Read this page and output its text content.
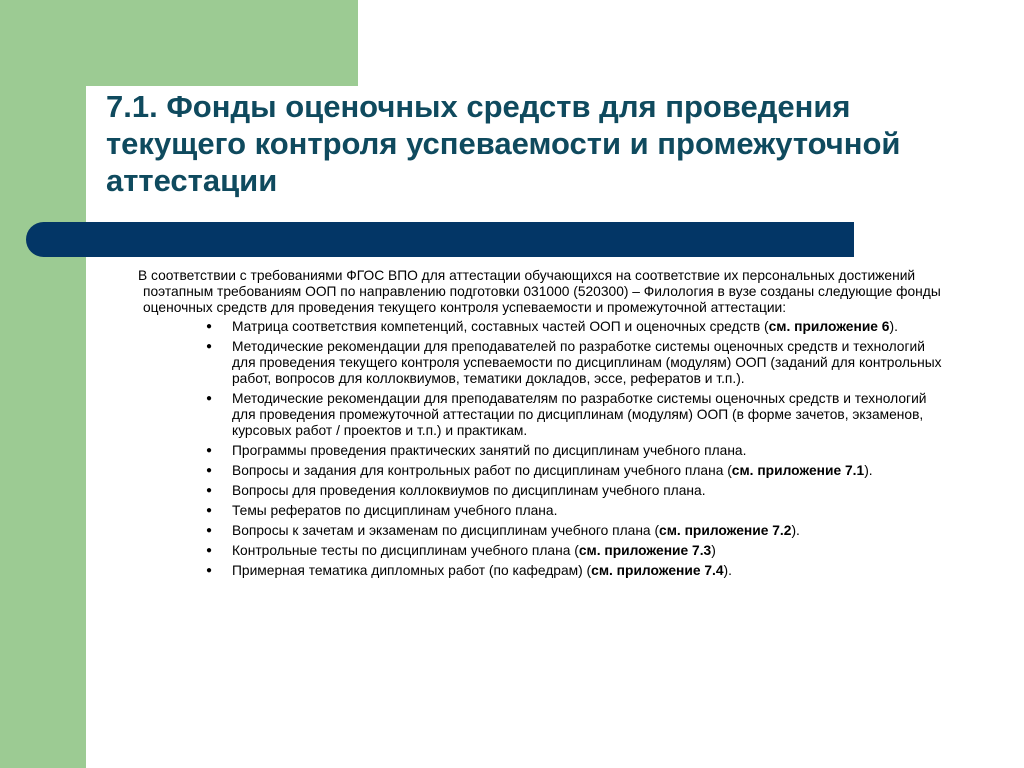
7.1. Фонды оценочных средств для проведения текущего контроля успеваемости и промежуточной аттестации

В соответствии с требованиями ФГОС ВПО для аттестации обучающихся на соответствие их персональных достижений поэтапным требованиям ООП по направлению подготовки 031000 (520300) – Филология в вузе созданы следующие фонды оценочных средств для проведения текущего контроля успеваемости и промежуточной аттестации:

● Матрица соответствия компетенций, составных частей ООП и оценочных средств (см. приложение 6).
● Методические рекомендации для преподавателей по разработке системы оценочных средств и технологий для проведения текущего контроля успеваемости по дисциплинам (модулям) ООП (заданий для контрольных работ, вопросов для коллоквиумов, тематики докладов, эссе, рефератов и т.п.).
● Методические рекомендации для преподавателям по разработке системы оценочных средств и технологий для проведения промежуточной аттестации по дисциплинам (модулям) ООП (в форме зачетов, экзаменов, курсовых работ / проектов и т.п.) и практикам.
● Программы проведения практических занятий по дисциплинам учебного плана.
● Вопросы и задания для контрольных работ по дисциплинам учебного плана (см. приложение 7.1).
● Вопросы для проведения коллоквиумов по дисциплинам учебного плана.
● Темы рефератов по дисциплинам учебного плана.
● Вопросы к зачетам и экзаменам по дисциплинам учебного плана (см. приложение 7.2).
● Контрольные тесты по дисциплинам учебного плана (см. приложение 7.3)
● Примерная тематика дипломных работ (по кафедрам) (см. приложение 7.4).
